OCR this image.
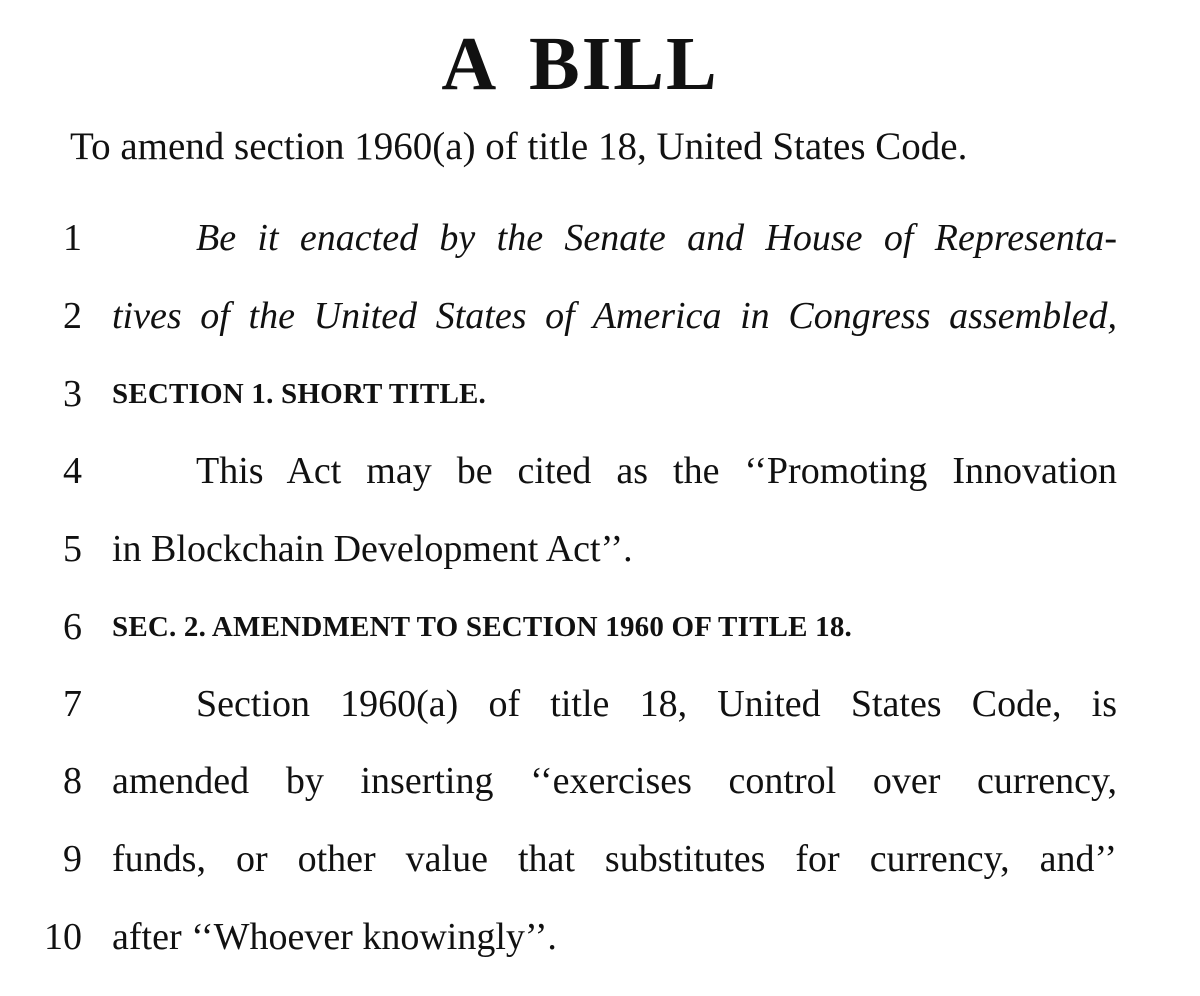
A BILL
To amend section 1960(a) of title 18, United States Code.
1	Be it enacted by the Senate and House of Representa-
2 tives of the United States of America in Congress assembled,
3 SECTION 1. SHORT TITLE.
4	This Act may be cited as the ‘‘Promoting Innovation
5 in Blockchain Development Act’’.
6 SEC. 2. AMENDMENT TO SECTION 1960 OF TITLE 18.
7	Section 1960(a) of title 18, United States Code, is
8 amended by inserting ‘‘exercises control over currency,
9 funds, or other value that substitutes for currency, and’’
10 after ‘‘Whoever knowingly’’.
